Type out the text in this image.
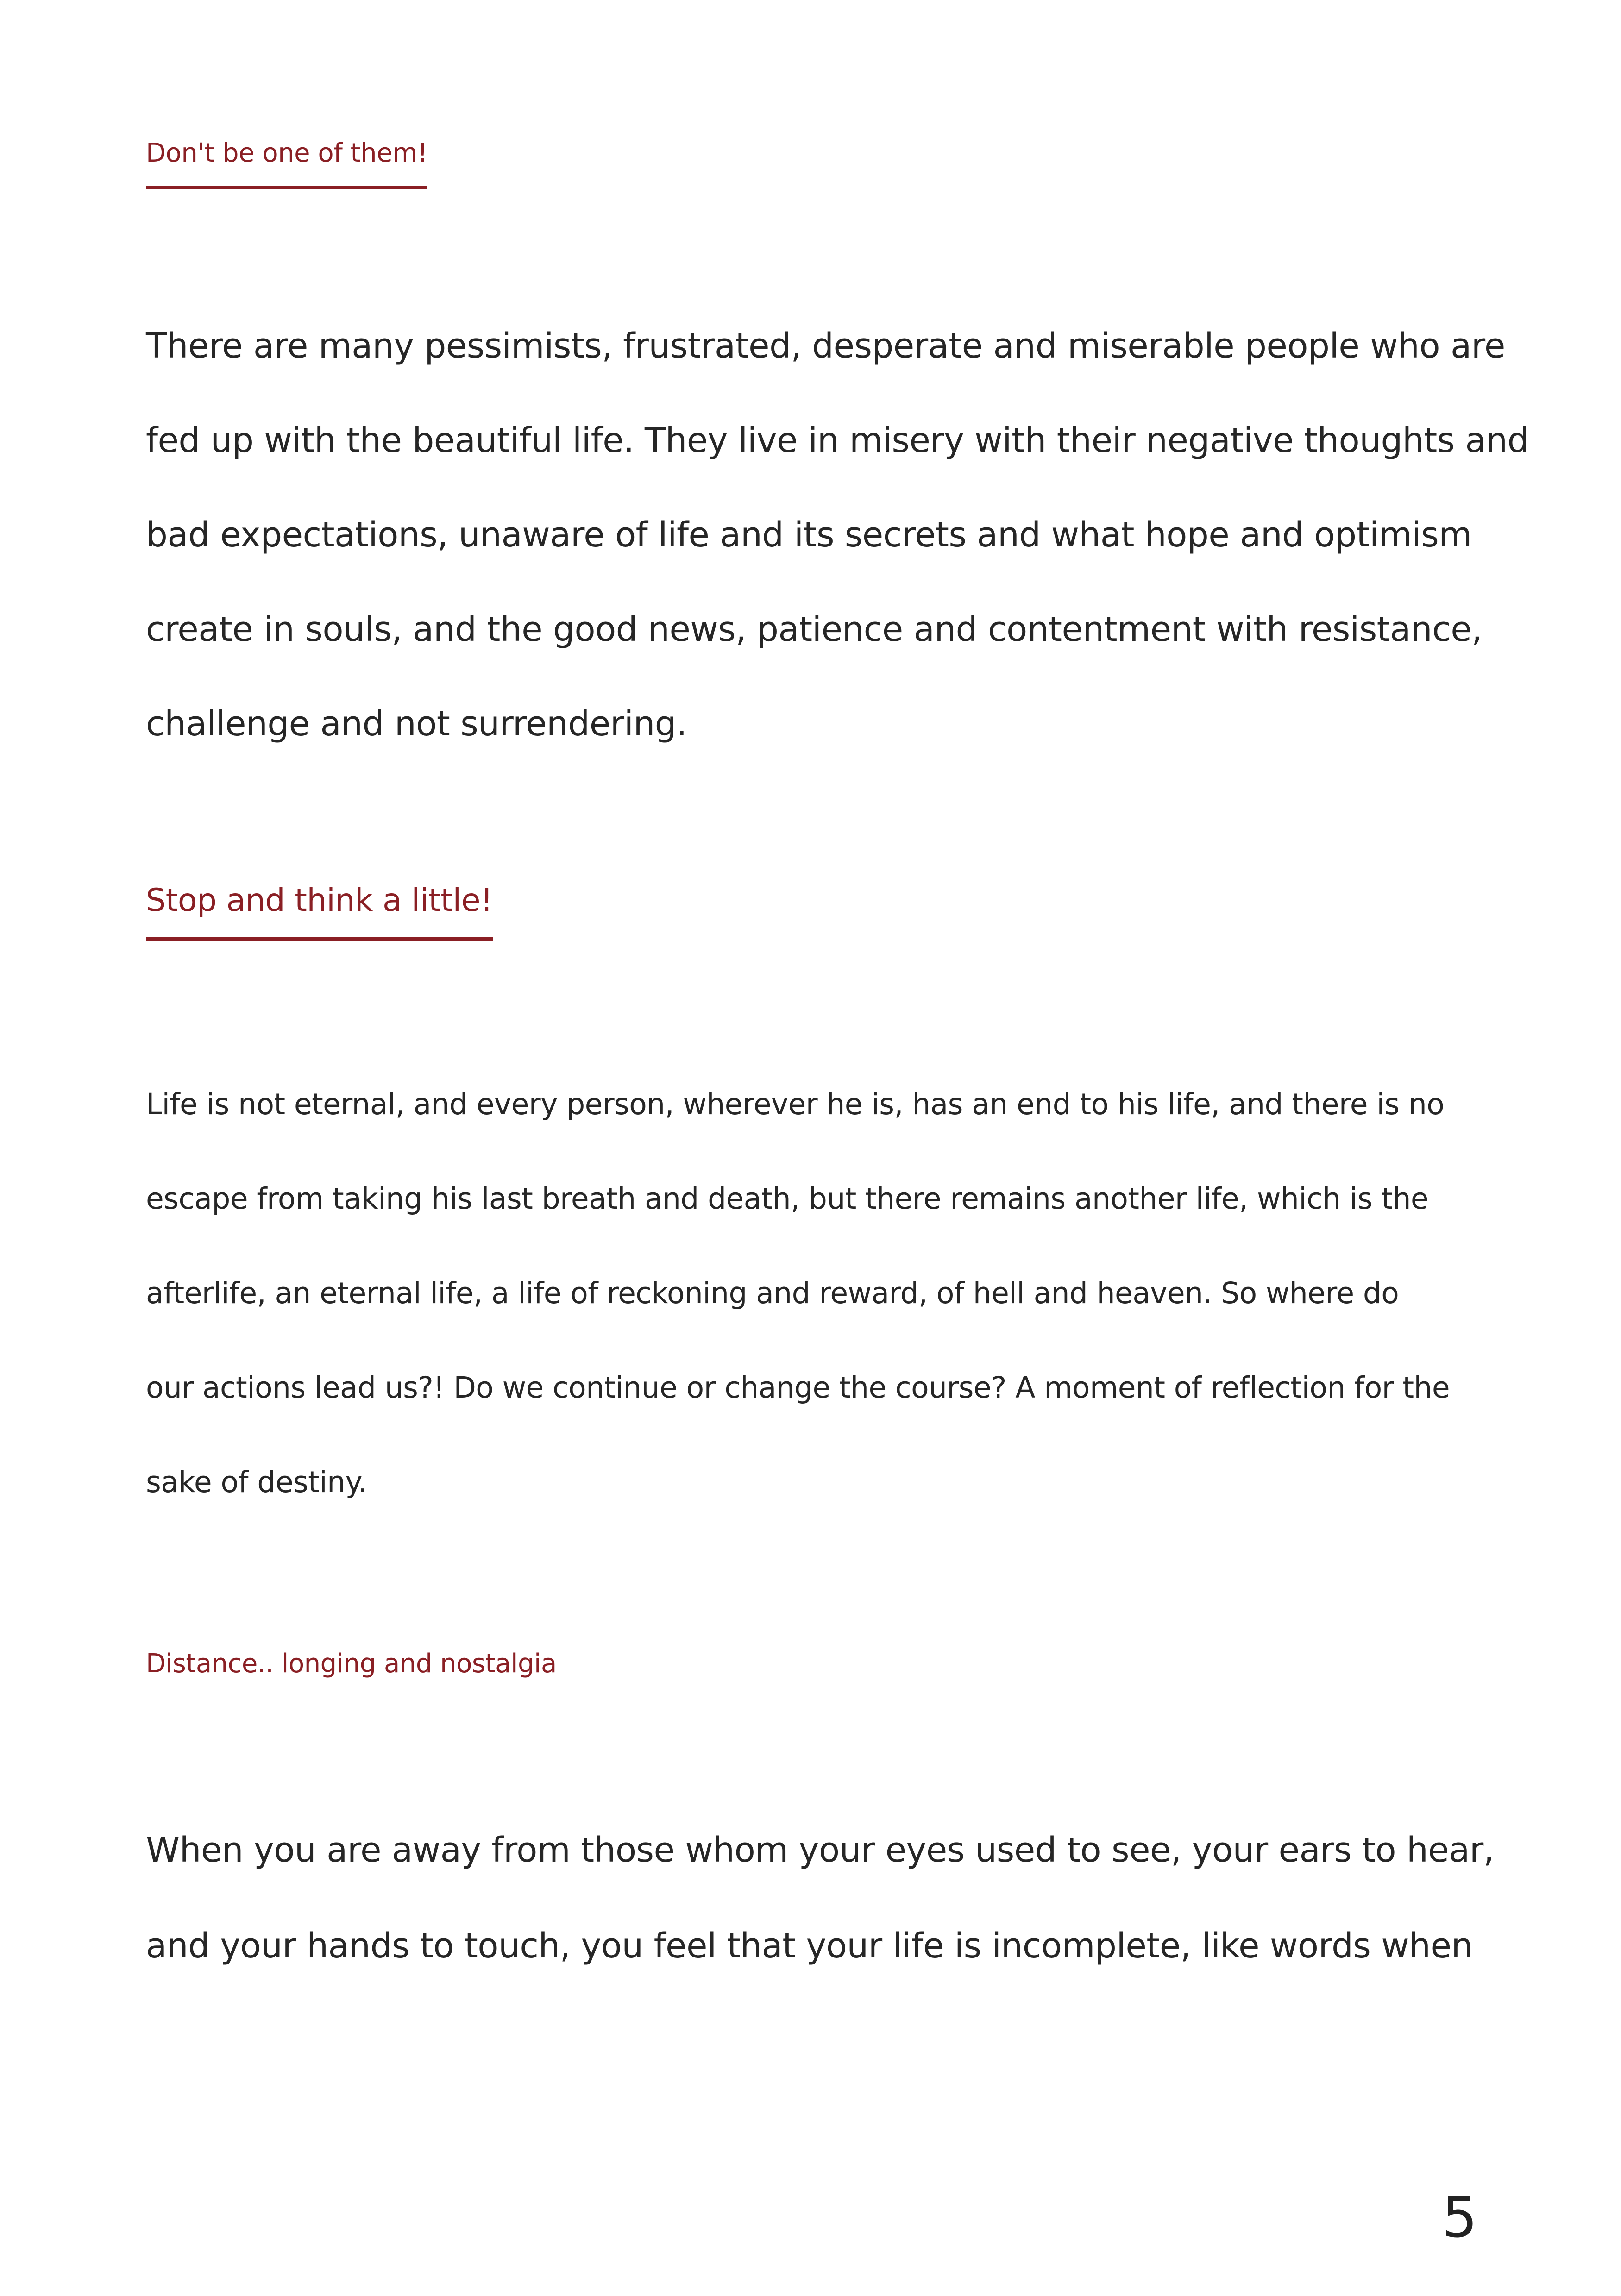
Don't be one of them!

There are many pessimists, frustrated, desperate and miserable people who are
fed up with the beautiful life. They live in misery with their negative thoughts and
bad expectations, unaware of life and its secrets and what hope and optimism
create in souls, and the good news, patience and contentment with resistance,
challenge and not surrendering.

Stop and think a little!

Life is not eternal, and every person, wherever he is, has an end to his life, and there is no
escape from taking his last breath and death, but there remains another life, which is the
afterlife, an eternal life, a life of reckoning and reward, of hell and heaven. So where do
our actions lead us?! Do we continue or change the course? A moment of reflection for the
sake of destiny.

Distance.. longing and nostalgia

When you are away from those whom your eyes used to see, your ears to hear,
and your hands to touch, you feel that your life is incomplete, like words when

5
